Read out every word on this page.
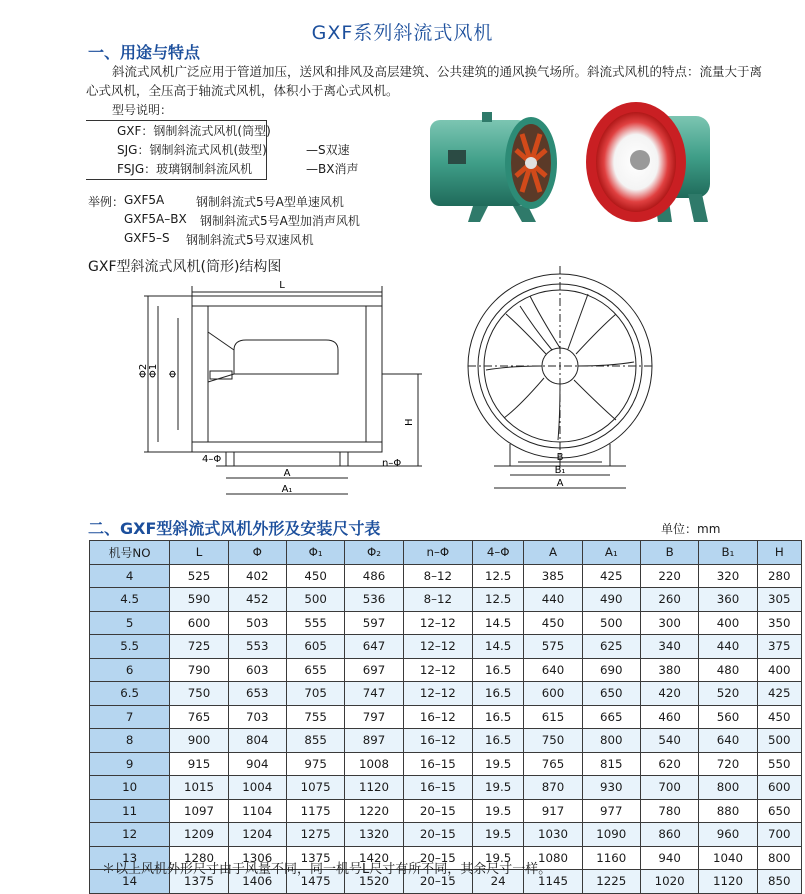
GXF系列斜流式风机
一、用途与特点
斜流式风机广泛应用于管道加压，送风和排风及高层建筑、公共建筑的通风换气场所。斜流式风机的特点：流量大于离心式风机，全压高于轴流式风机，体积小于离心式风机。
型号说明：
GXF：钢制斜流式风机(筒型)
SJG：钢制斜流式风机(鼓型)
FSJG：玻璃钢制斜流风机
—S双速
—BX消声
举例： GXF5A	钢制斜流式5号A型单速风机
GXF5A–BX 钢制斜流式5号A型加消声风机
GXF5–S 钢制斜流式5号双速风机
GXF型斜流式风机(筒形)结构图
L
Φ2 Φ1 Φ
H
4–Φ	n–Φ
A
A₁
B
B₁
A
二、GXF型斜流式风机外形及安装尺寸表	单位：mm
机号NO	L	Φ	Φ₁	Φ₂	n–Φ	4–Φ	A	A₁	B	B₁	H
4	525	402	450	486	8–12	12.5	385	425	220	320	280
4.5	590	452	500	536	8–12	12.5	440	490	260	360	305
5	600	503	555	597	12–12	14.5	450	500	300	400	350
5.5	725	553	605	647	12–12	14.5	575	625	340	440	375
6	790	603	655	697	12–12	16.5	640	690	380	480	400
6.5	750	653	705	747	12–12	16.5	600	650	420	520	425
7	765	703	755	797	16–12	16.5	615	665	460	560	450
8	900	804	855	897	16–12	16.5	750	800	540	640	500
9	915	904	975	1008	16–15	19.5	765	815	620	720	550
10	1015	1004	1075	1120	16–15	19.5	870	930	700	800	600
11	1097	1104	1175	1220	20–15	19.5	917	977	780	880	650
12	1209	1204	1275	1320	20–15	19.5	1030	1090	860	960	700
13	1280	1306	1375	1420	20–15	19.5	1080	1160	940	1040	800
14	1375	1406	1475	1520	20–15	24	1145	1225	1020	1120	850
＊以上风机外形尺寸由于风量不同，同一机号L尺寸有所不同，其余尺寸一样。
